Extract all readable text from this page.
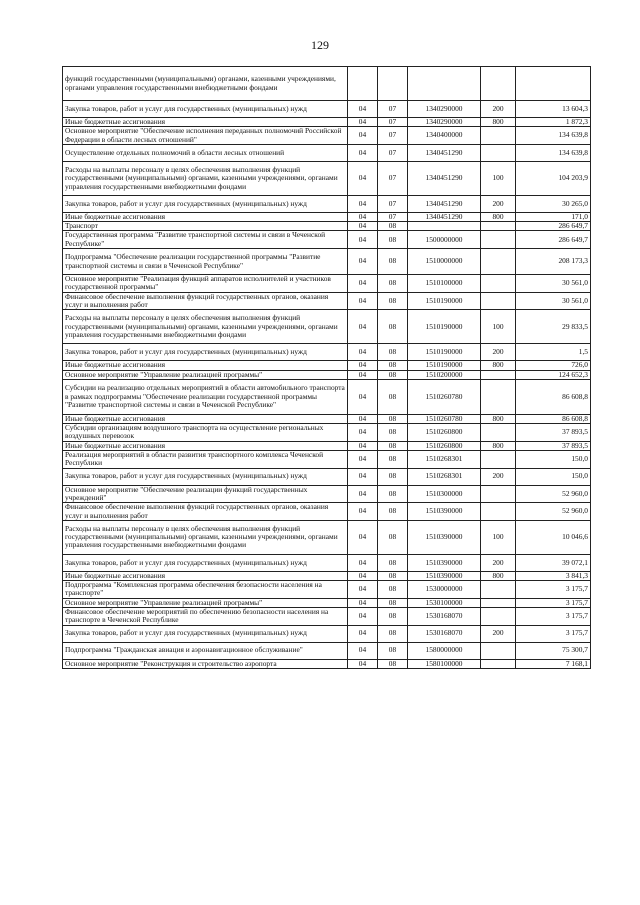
129
функций государственными (муниципальными) органами, казенными учреждениями, органами управления государственными внебюджетными фондами					
Закупка товаров, работ и услуг для государственных (муниципальных) нужд	04	07	1340290000	200	13 604,3
Иные бюджетные ассигнования	04	07	1340290000	800	1 872,3
Основное мероприятие "Обеспечение исполнения переданных полномочий Российской Федерации в области лесных отношений"	04	07	1340400000		134 639,8
Осуществление отдельных полномочий в области лесных отношений	04	07	1340451290		134 639,8
Расходы на выплаты персоналу в целях обеспечения выполнения функций государственными (муниципальными) органами, казенными учреждениями, органами управления государственными внебюджетными фондами	04	07	1340451290	100	104 203,9
Закупка товаров, работ и услуг для государственных (муниципальных) нужд	04	07	1340451290	200	30 265,0
Иные бюджетные ассигнования	04	07	1340451290	800	171,0
Транспорт	04	08			286 649,7
Государственная программа "Развитие транспортной системы и связи в Чеченской Республике"	04	08	1500000000		286 649,7
Подпрограмма "Обеспечение реализации государственной программы "Развитие транспортной системы и связи в Чеченской Республике"	04	08	1510000000		208 173,3
Основное мероприятие "Реализация функций аппаратов исполнителей и участников государственной программы"	04	08	1510100000		30 561,0
Финансовое обеспечение выполнения функций государственных органов, оказания услуг и выполнения работ	04	08	1510190000		30 561,0
Расходы на выплаты персоналу в целях обеспечения выполнения функций государственными (муниципальными) органами, казенными учреждениями, органами управления государственными внебюджетными фондами	04	08	1510190000	100	29 833,5
Закупка товаров, работ и услуг для государственных (муниципальных) нужд	04	08	1510190000	200	1,5
Иные бюджетные ассигнования	04	08	1510190000	800	726,0
Основное мероприятие "Управление реализацией программы"	04	08	1510200000		124 652,3
Субсидии на реализацию отдельных мероприятий в области автомобильного транспорта в рамках подпрограммы "Обеспечение реализации государственной программы "Развитие транспортной системы и связи в Чеченской Республике"	04	08	1510260780		86 608,8
Иные бюджетные ассигнования	04	08	1510260780	800	86 608,8
Субсидии организациям воздушного транспорта на осуществление региональных воздушных перевозок	04	08	1510260800		37 893,5
Иные бюджетные ассигнования	04	08	1510260800	800	37 893,5
Реализация мероприятий в области развития транспортного комплекса Чеченской Республики	04	08	1510268301		150,0
Закупка товаров, работ и услуг для государственных (муниципальных) нужд	04	08	1510268301	200	150,0
Основное мероприятие "Обеспечение реализации функций государственных учреждений"	04	08	1510300000		52 960,0
Финансовое обеспечение выполнения функций государственных органов, оказания услуг и выполнения работ	04	08	1510390000		52 960,0
Расходы на выплаты персоналу в целях обеспечения выполнения функций государственными (муниципальными) органами, казенными учреждениями, органами управления государственными внебюджетными фондами	04	08	1510390000	100	10 046,6
Закупка товаров, работ и услуг для государственных (муниципальных) нужд	04	08	1510390000	200	39 072,1
Иные бюджетные ассигнования	04	08	1510390000	800	3 841,3
Подпрограмма "Комплексная программа обеспечения безопасности населения на транспорте"	04	08	1530000000		3 175,7
Основное мероприятие "Управление реализацией программы"	04	08	1530100000		3 175,7
Финансовое обеспечение мероприятий по обеспечению безопасности населения на транспорте в Чеченской Республике	04	08	1530168070		3 175,7
Закупка товаров, работ и услуг для государственных (муниципальных) нужд	04	08	1530168070	200	3 175,7
Подпрограмма "Гражданская авиация и аэронавигационное обслуживание"	04	08	1580000000		75 300,7
Основное мероприятие "Реконструкция и строительство аэропорта	04	08	1580100000		7 168,1
